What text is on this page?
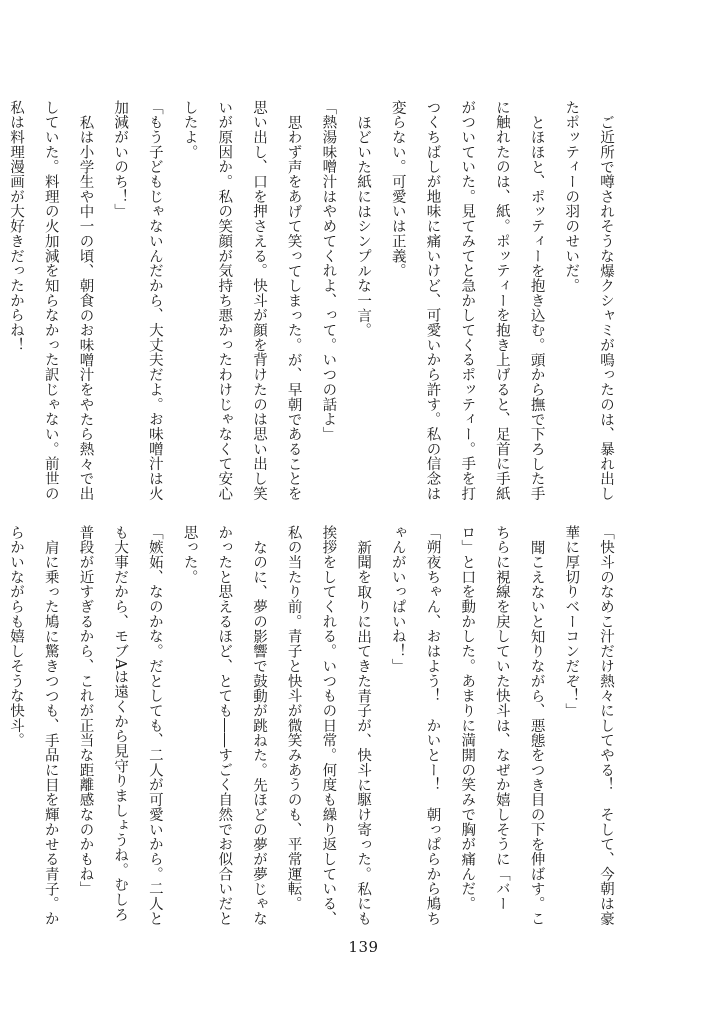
ご近所で噂されそうな爆クシャミが鳴ったのは、暴れ出したポッティーの羽のせいだ。
とほほと、ポッティーを抱き込む。頭から撫で下ろした手に触れたのは、紙。ポッティーを抱き上げると、足首に手紙がついていた。見てみてと急かしてくるポッティー。手を打つくちばしが地味に痛いけど、可愛いから許す。私の信念は変らない。可愛いは正義。
ほどいた紙にはシンプルな一言。
「熱湯味噌汁はやめてくれよ、って。いつの話よ」
思わず声をあげて笑ってしまった。が、早朝であることを思い出し、口を押さえる。快斗が顔を背けたのは思い出し笑いが原因か。私の笑顔が気持ち悪かったわけじゃなくて安心したよ。
「もう子どもじゃないんだから、大丈夫だよ。お味噌汁は火加減がいのち！」
私は小学生や中一の頃、朝食のお味噌汁をやたら熱々で出していた。料理の火加減を知らなかった訳じゃない。前世の私は料理漫画が大好きだったからね！
「快斗のなめこ汁だけ熱々にしてやる！　そして、今朝は豪華に厚切りベーコンだぞ！」
聞こえないと知りながら、悪態をつき目の下を伸ばす。こちらに視線を戻していた快斗は、なぜか嬉しそうに「バーロ」と口を動かした。あまりに満開の笑みで胸が痛んだ。
「朔夜ちゃん、おはよう！　かいとー！　朝っぱらから鳩ちゃんがいっぱいね！」
新聞を取りに出てきた青子が、快斗に駆け寄った。私にも挨拶をしてくれる。いつもの日常。何度も繰り返している、私の当たり前。青子と快斗が微笑みあうのも、平常運転。
なのに、夢の影響で鼓動が跳ねた。先ほどの夢が夢じゃなかったと思えるほど、とても――すごく自然でお似合いだと思った。
「嫉妬、なのかな。だとしても、二人が可愛いから。二人とも大事だから、モブAは遠くから見守りましょうね。むしろ普段が近すぎるから、これが正当な距離感なのかもね」
肩に乗った鳩に驚きつつも、手品に目を輝かせる青子。からかいながらも嬉しそうな快斗。
139
